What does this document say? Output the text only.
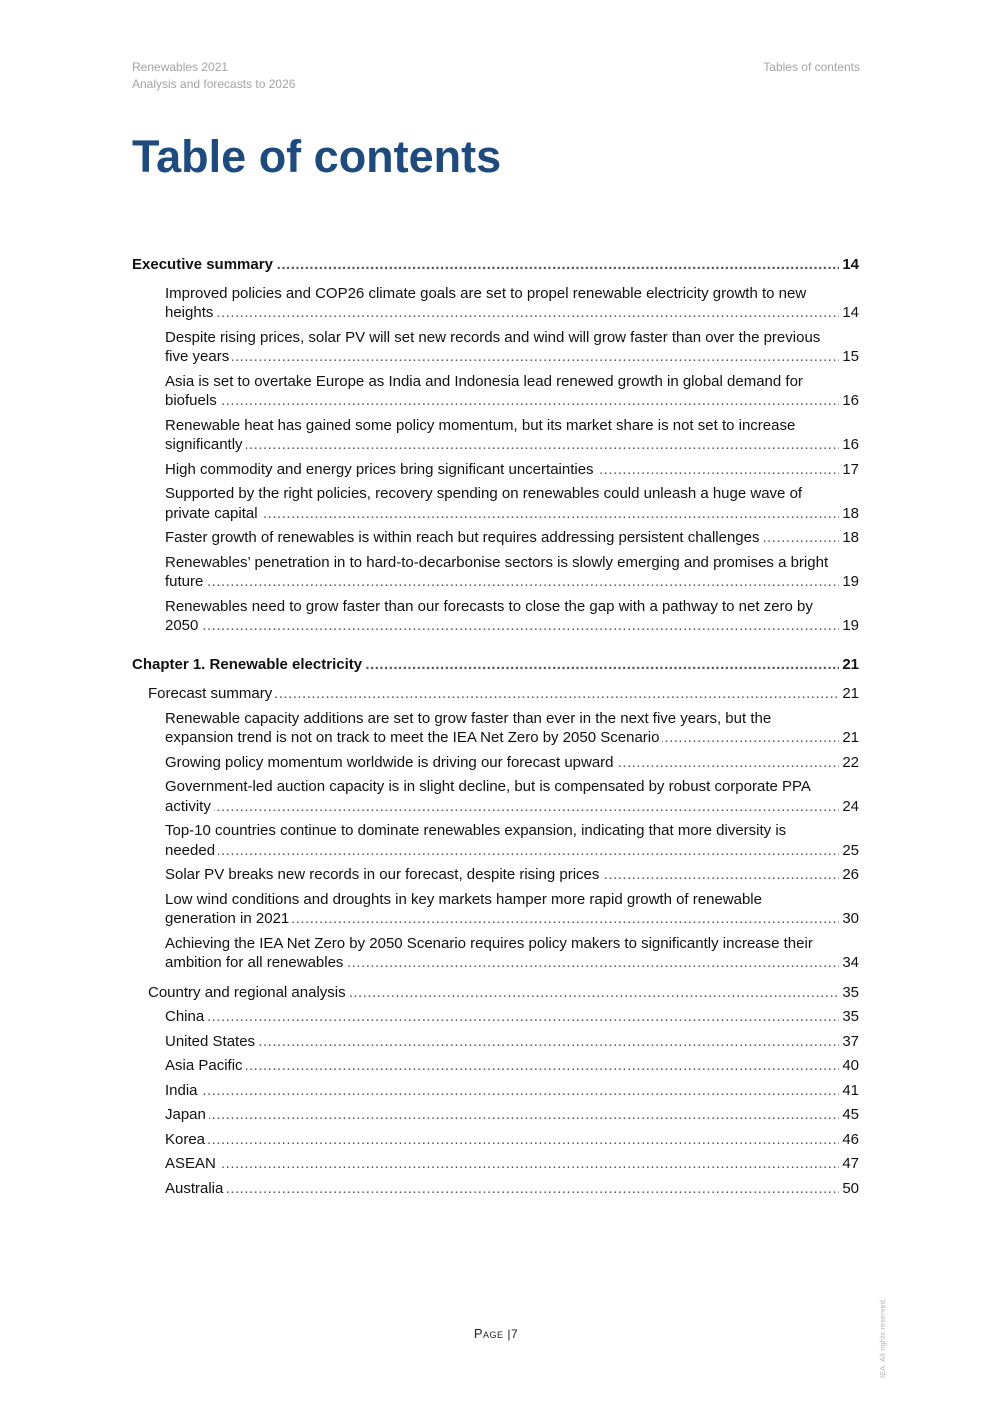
Renewables 2021
Analysis and forecasts to 2026
Tables of contents
Table of contents
.....
Executive summary	14
.....
Improved policies and COP26 climate goals are set to propel renewable electricity growth to new heights	14
.....
Despite rising prices, solar PV will set new records and wind will grow faster than over the previous five years	15
.....
Asia is set to overtake Europe as India and Indonesia lead renewed growth in global demand for biofuels	16
.....
Renewable heat has gained some policy momentum, but its market share is not set to increase significantly	16
.....
High commodity and energy prices bring significant uncertainties	17
.....
Supported by the right policies, recovery spending on renewables could unleash a huge wave of private capital	18
.....
Faster growth of renewables is within reach but requires addressing persistent challenges	18
.....
Renewables’ penetration in to hard-to-decarbonise sectors is slowly emerging and promises a bright future	19
.....
Renewables need to grow faster than our forecasts to close the gap with a pathway to net zero by 2050	19
.....
Chapter 1. Renewable electricity	21
.....
Forecast summary	21
.....
Renewable capacity additions are set to grow faster than ever in the next five years, but the expansion trend is not on track to meet the IEA Net Zero by 2050 Scenario	21
.....
Growing policy momentum worldwide is driving our forecast upward	22
.....
Government-led auction capacity is in slight decline, but is compensated by robust corporate PPA activity	24
.....
Top-10 countries continue to dominate renewables expansion, indicating that more diversity is needed	25
.....
Solar PV breaks new records in our forecast, despite rising prices	26
.....
Low wind conditions and droughts in key markets hamper more rapid growth of renewable generation in 2021	30
.....
Achieving the IEA Net Zero by 2050 Scenario requires policy makers to significantly increase their ambition for all renewables	34
.....
Country and regional analysis	35
.....
China	35
.....
United States	37
.....
Asia Pacific	40
.....
India	41
.....
Japan	45
.....
Korea	46
.....
ASEAN	47
.....
Australia	50
Page |7	IEA. All rights reserved.
